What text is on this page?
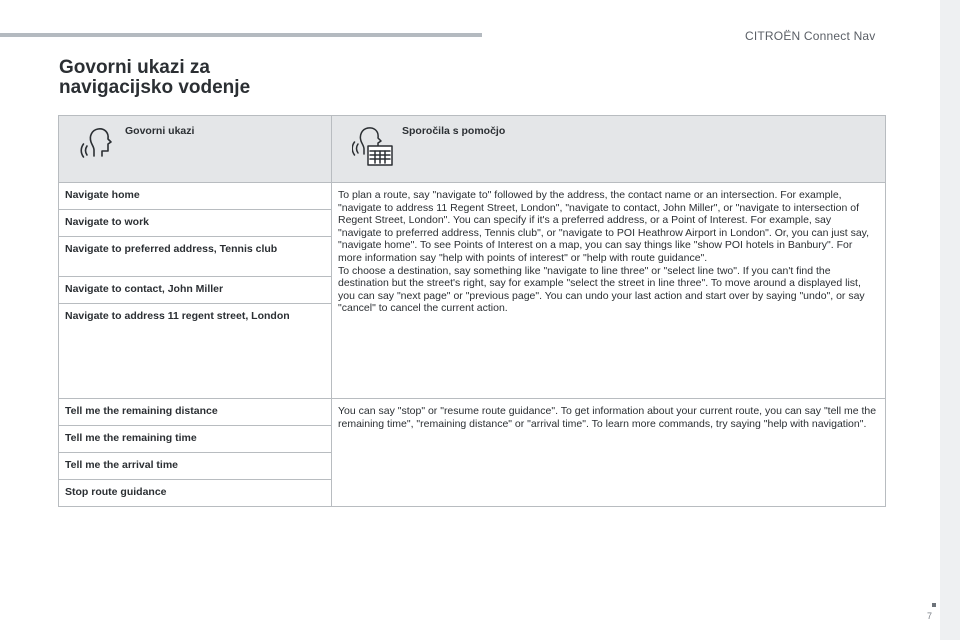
CITROËN Connect Nav
7
Govorni ukazi za
navigacijsko vodenje
Govorni ukazi	Sporočila s pomočjo

Navigate home	To plan a route, say "navigate to" followed by the address, the contact name or an intersection. For example, "navigate to address 11 Regent Street, London", "navigate to contact, John Miller", or "navigate to intersection of Regent Street, London". You can specify if it's a preferred address, or a Point of Interest. For example, say "navigate to preferred address, Tennis club", or "navigate to POI Heathrow Airport in London". Or, you can just say, "navigate home". To see Points of Interest on a map, you can say things like "show POI hotels in Banbury". For more information say "help with points of interest" or "help with route guidance".
To choose a destination, say something like "navigate to line three" or "select line two". If you can't find the destination but the street's right, say for example "select the street in line three". To move around a displayed list, you can say "next page" or "previous page". You can undo your last action and start over by saying "undo", or say "cancel" to cancel the current action.

Navigate to work	
Navigate to preferred address, Tennis club	
Navigate to contact, John Miller	
Navigate to address 11 regent street, London	
Tell me the remaining distance	You can say "stop" or "resume route guidance". To get information about your current route, you can say "tell me the remaining time", "remaining distance" or "arrival time". To learn more commands, try saying "help with navigation".
Tell me the remaining time	
Tell me the arrival time	
Stop route guidance	
